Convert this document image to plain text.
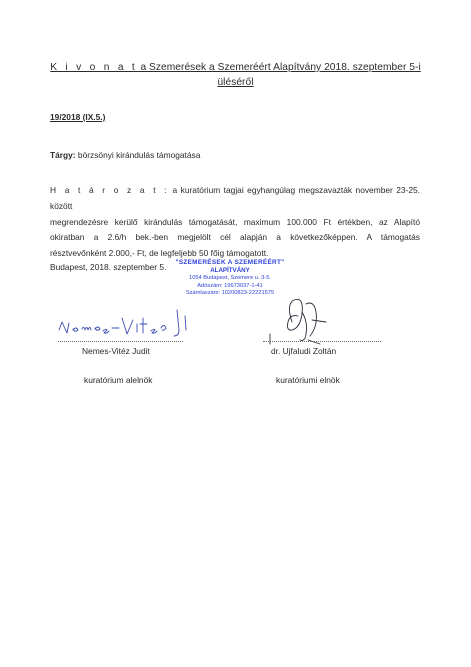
K i v o n a t a Szemerések a Szemeréért Alapítvány 2018. szeptember 5-i
üléséről
19/2018 (IX.5.)
Tárgy: börzsönyi kirándulás támogatása
H a t á r o z a t : a kuratórium tagjai egyhangúlag megszavazták november 23-25. között
megrendezésre kerülő kirándulás támogatását, maximum 100.000 Ft értékben, az Alapító
okiratban a 2.6/h bek.-ben megjelölt cél alapján a következőképpen. A támogatás
résztvevőnként 2.000,- Ft, de legfeljebb 50 főig támogatott.
Budapest, 2018. szeptember 5.	"SZEMERÉSEK A SZEMERÉÉRT"
ALAPÍTVÁNY
1054 Budapest, Szemere u. 3-5.
Adószám: 19673037-1-41
Számlaszám: 10200823-22221575
Nemes-Vitéz Judit
kuratórium alelnök
dr. Ujfaludi Zoltán
kuratóriumi elnök
